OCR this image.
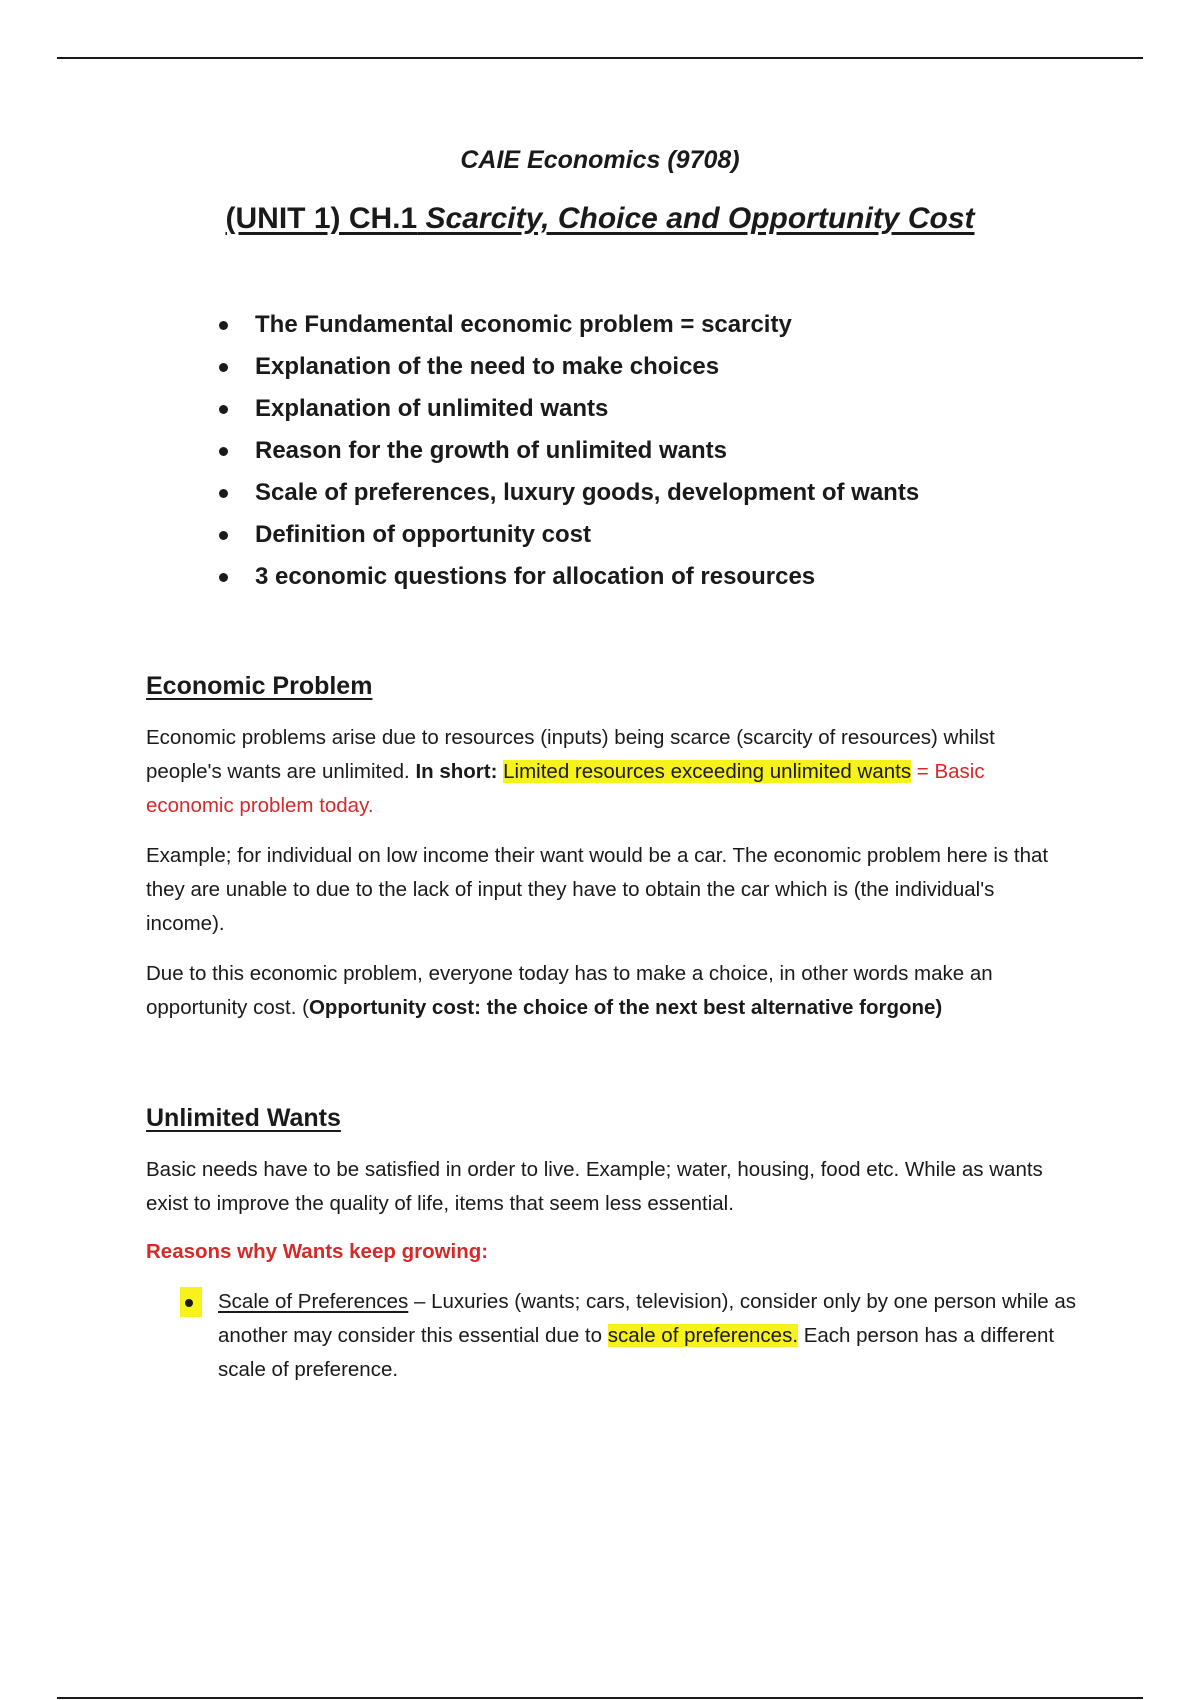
CAIE Economics (9708)
(UNIT 1) CH.1 Scarcity, Choice and Opportunity Cost
The Fundamental economic problem = scarcity
Explanation of the need to make choices
Explanation of unlimited wants
Reason for the growth of unlimited wants
Scale of preferences, luxury goods, development of wants
Definition of opportunity cost
3 economic questions for allocation of resources
Economic Problem

Economic problems arise due to resources (inputs) being scarce (scarcity of resources) whilst people's wants are unlimited. In short: Limited resources exceeding unlimited wants = Basic economic problem today.

Example; for individual on low income their want would be a car. The economic problem here is that they are unable to due to the lack of input they have to obtain the car which is (the individual's income).

Due to this economic problem, everyone today has to make a choice, in other words make an opportunity cost. (Opportunity cost: the choice of the next best alternative forgone)

Unlimited Wants

Basic needs have to be satisfied in order to live. Example; water, housing, food etc. While as wants exist to improve the quality of life, items that seem less essential.

Reasons why Wants keep growing:

Scale of Preferences – Luxuries (wants; cars, television), consider only by one person while as another may consider this essential due to scale of preferences. Each person has a different scale of preference.
